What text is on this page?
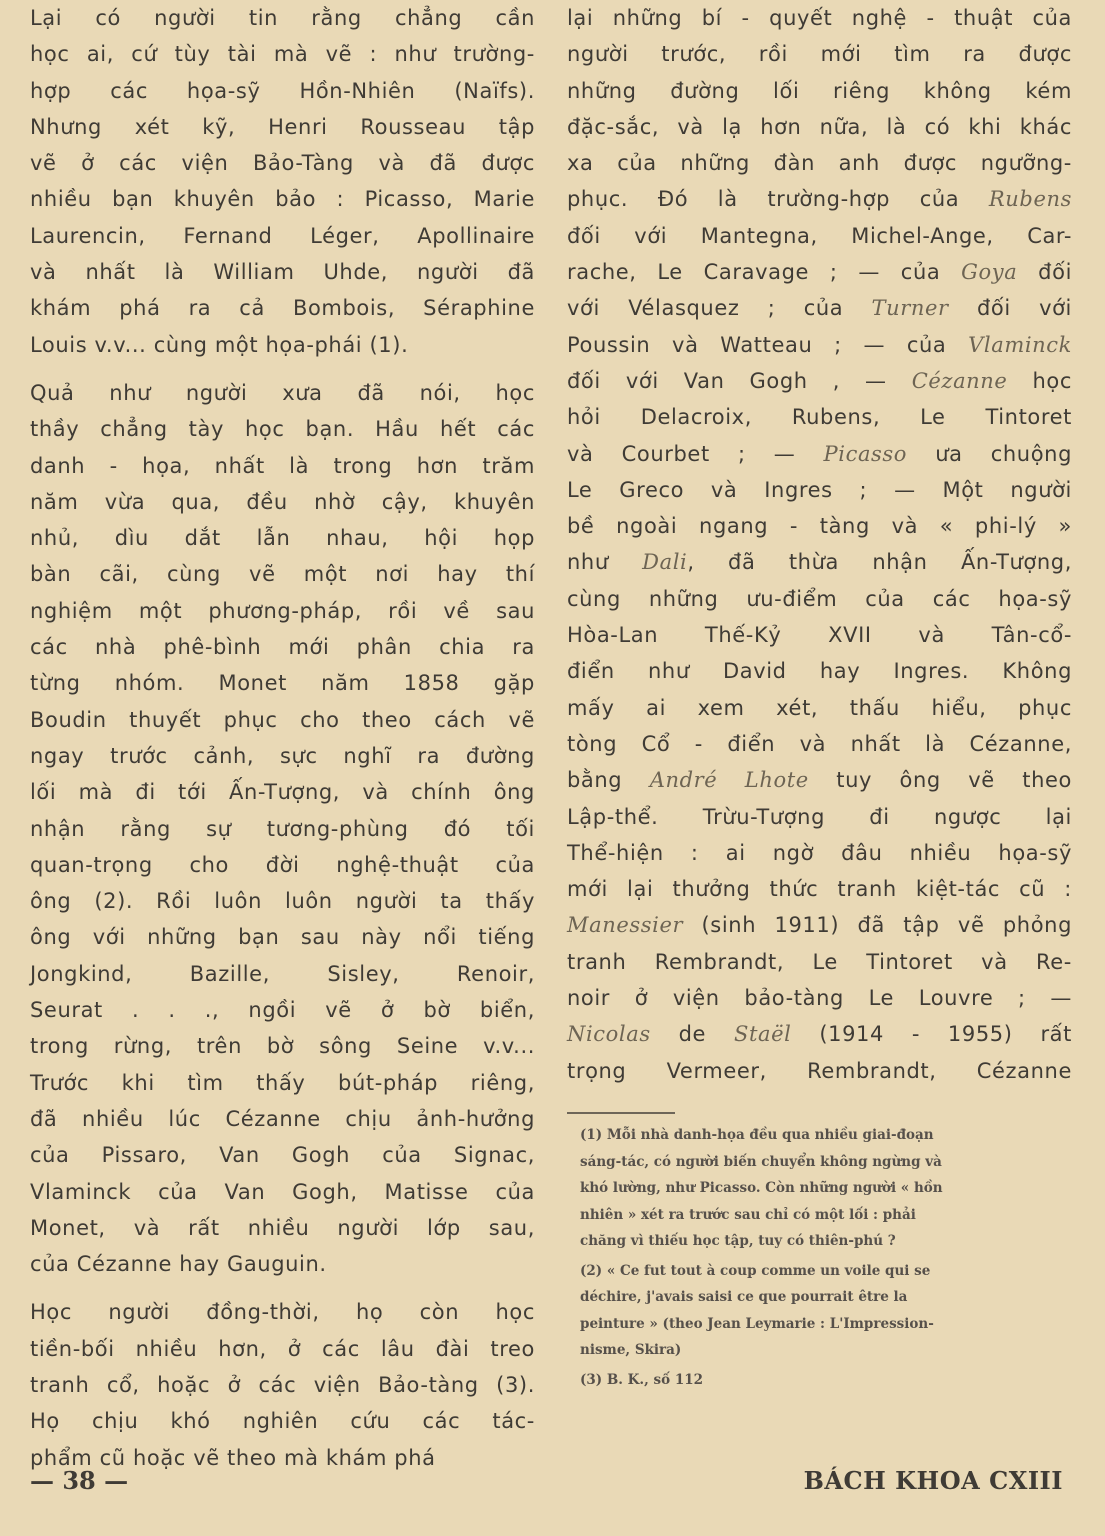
Lại có người tin rằng chẳng cần
học ai, cứ tùy tài mà vẽ : như trường-
hợp các họa-sỹ Hồn-Nhiên (Naïfs).
Nhưng xét kỹ, Henri Rousseau tập
vẽ ở các viện Bảo-Tàng và đã được
nhiều bạn khuyên bảo : Picasso, Marie
Laurencin, Fernand Léger, Apollinaire
và nhất là William Uhde, người đã
khám phá ra cả Bombois, Séraphine
Louis v.v... cùng một họa-phái (1).
Quả như người xưa đã nói, học
thầy chẳng tày học bạn. Hầu hết các
danh - họa, nhất là trong hơn trăm
năm vừa qua, đều nhờ cậy, khuyên
nhủ, dìu dắt lẫn nhau, hội họp
bàn cãi, cùng vẽ một nơi hay thí
nghiệm một phương-pháp, rồi về sau
các nhà phê-bình mới phân chia ra
từng nhóm. Monet năm 1858 gặp
Boudin thuyết phục cho theo cách vẽ
ngay trước cảnh, sực nghĩ ra đường
lối mà đi tới Ấn-Tượng, và chính ông
nhận rằng sự tương-phùng đó tối
quan-trọng cho đời nghệ-thuật của
ông (2). Rồi luôn luôn người ta thấy
ông với những bạn sau này nổi tiếng
Jongkind, Bazille, Sisley, Renoir,
Seurat . . ., ngồi vẽ ở bờ biển,
trong rừng, trên bờ sông Seine v.v...
Trước khi tìm thấy bút-pháp riêng,
đã nhiều lúc Cézanne chịu ảnh-hưởng
của Pissaro, Van Gogh của Signac,
Vlaminck của Van Gogh, Matisse của
Monet, và rất nhiều người lớp sau,
của Cézanne hay Gauguin.
Học người đồng-thời, họ còn học
tiền-bối nhiều hơn, ở các lâu đài treo
tranh cổ, hoặc ở các viện Bảo-tàng (3).
Họ chịu khó nghiên cứu các tác-
phẩm cũ hoặc vẽ theo mà khám phá
lại những bí - quyết nghệ - thuật của
người trước, rồi mới tìm ra được
những đường lối riêng không kém
đặc-sắc, và lạ hơn nữa, là có khi khác
xa của những đàn anh được ngưỡng-
phục. Đó là trường-hợp của Rubens
đối với Mantegna, Michel-Ange, Car-
rache, Le Caravage ; — của Goya đối
với Vélasquez ; của Turner đối với
Poussin và Watteau ; — của Vlaminck
đối với Van Gogh , — Cézanne học
hỏi Delacroix, Rubens, Le Tintoret
và Courbet ; — Picasso ưa chuộng
Le Greco và Ingres ; — Một người
bề ngoài ngang - tàng và « phi-lý »
như Dali, đã thừa nhận Ấn-Tượng,
cùng những ưu-điểm của các họa-sỹ
Hòa-Lan Thế-Kỷ XVII và Tân-cổ-
điển như David hay Ingres. Không
mấy ai xem xét, thấu hiểu, phục
tòng Cổ - điển và nhất là Cézanne,
bằng André Lhote tuy ông vẽ theo
Lập-thể. Trừu-Tượng đi ngược lại
Thể-hiện : ai ngờ đâu nhiều họa-sỹ
mới lại thưởng thức tranh kiệt-tác cũ :
Manessier (sinh 1911) đã tập vẽ phỏng
tranh Rembrandt, Le Tintoret và Re-
noir ở viện bảo-tàng Le Louvre ; —
Nicolas de Staël (1914 - 1955) rất
trọng Vermeer, Rembrandt, Cézanne
(1) Mỗi nhà danh-họa đều qua nhiều giai-đoạn
sáng-tác, có người biến chuyển không ngừng và
khó lường, như Picasso. Còn những người « hồn
nhiên » xét ra trước sau chỉ có một lối : phải
chăng vì thiếu học tập, tuy có thiên-phú ?
(2) « Ce fut tout à coup comme un voile qui se
déchire, j'avais saisi ce que pourrait être la
peinture » (theo Jean Leymarie : L'Impression-
nisme, Skira)
(3) B. K., số 112
— 38 —	BÁCH KHOA CXIII
